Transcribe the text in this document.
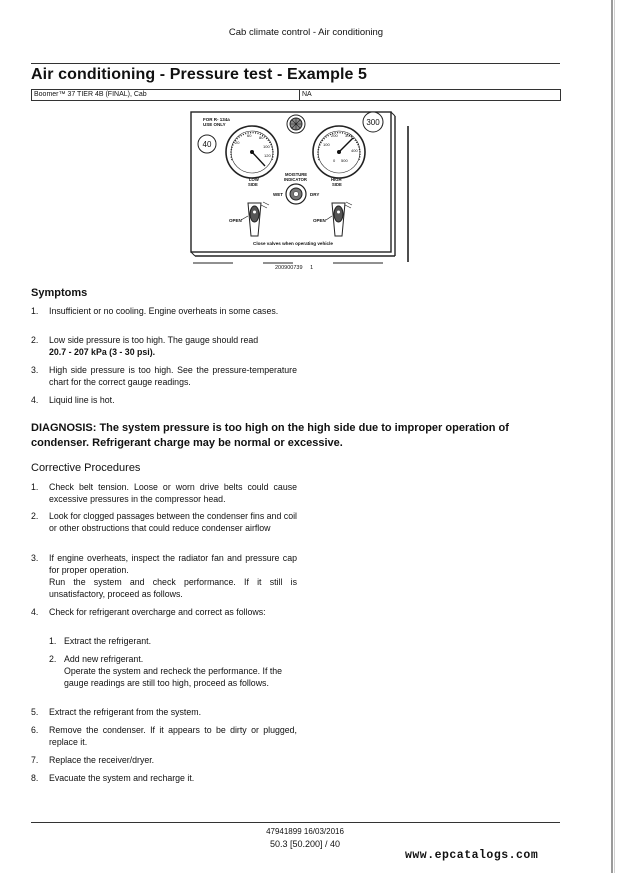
Cab climate control - Air conditioning
Air conditioning - Pressure test - Example 5
Boomer™ 37 TIER 4B (FINAL), Cab	NA
FOR R- 134a
USE ONLY
20
60 80
100
120
100
200 300
400
500
0
MOISTURE
INDICATOR
WET	DRY
LOW
SIDE
OPEN
HIGH
SIDE
OPEN
Close valves when operating vehicle
40
300
200900739 1
Symptoms
1. Insufficient or no cooling. Engine overheats in some cases.
2. Low side pressure is too high. The gauge should read
20.7 - 207 kPa (3 - 30 psi).
3. High side pressure is too high. See the pressure-temperature chart for the correct gauge readings.
4. Liquid line is hot.
DIAGNOSIS: The system pressure is too high on the high side due to improper operation of condenser. Refrigerant charge may be normal or excessive.
Corrective Procedures
1. Check belt tension. Loose or worn drive belts could cause excessive pressures in the compressor head.
2. Look for clogged passages between the condenser fins and coil or other obstructions that could reduce condenser airflow
3. If engine overheats, inspect the radiator fan and pressure cap for proper operation.
Run the system and check performance. If it still is unsatisfactory, proceed as follows.
4. Check for refrigerant overcharge and correct as follows:
1. Extract the refrigerant.
2. Add new refrigerant.
Operate the system and recheck the performance. If the gauge readings are still too high, proceed as follows.
5. Extract the refrigerant from the system.
6. Remove the condenser. If it appears to be dirty or plugged, replace it.
7. Replace the receiver/dryer.
8. Evacuate the system and recharge it.
47941899 16/03/2016
50.3 [50.200] / 40
www.epcatalogs.com
